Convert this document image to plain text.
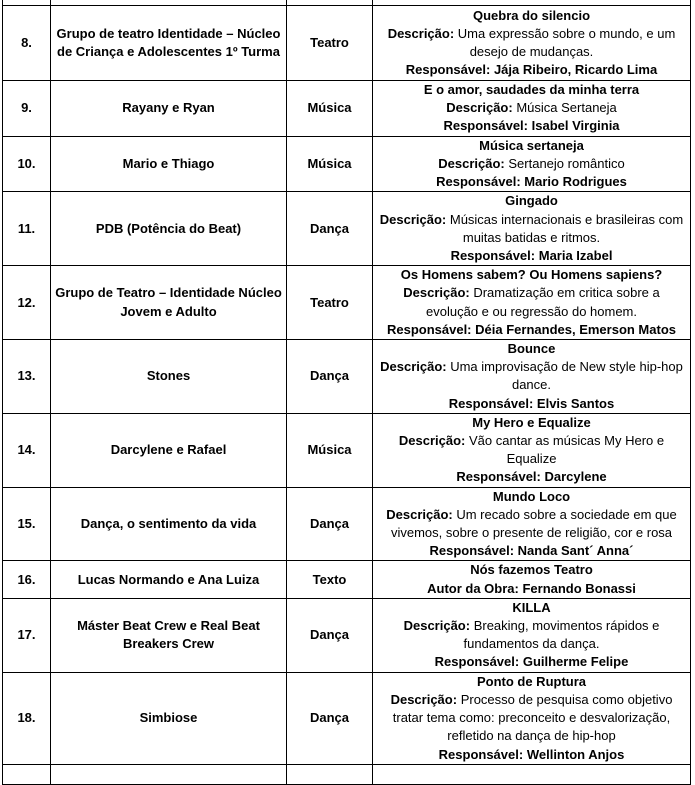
8.	Grupo de teatro Identidade – Núcleo de Criança e Adolescentes 1º Turma	Teatro	Quebra do silencio
Descrição: Uma expressão sobre o mundo, e um desejo de mudanças.
Responsável: Jája Ribeiro, Ricardo Lima

9.	Rayany e Ryan	Música	E o amor, saudades da minha terra
Descrição: Música Sertaneja
Responsável: Isabel Virginia

10.	Mario e Thiago	Música	Música sertaneja
Descrição: Sertanejo romântico
Responsável: Mario Rodrigues

11.	PDB (Potência do Beat)	Dança	Gingado
Descrição: Músicas internacionais e brasileiras com muitas batidas e ritmos.
Responsável: Maria Izabel

12.	Grupo de Teatro – Identidade Núcleo Jovem e Adulto	Teatro	Os Homens sabem? Ou Homens sapiens?
Descrição: Dramatização em critica sobre a evolução e ou regressão do homem.
Responsável: Déia Fernandes, Emerson Matos

13.	Stones	Dança	Bounce
Descrição: Uma improvisação de New style hip-hop dance.
Responsável: Elvis Santos

14.	Darcylene e Rafael	Música	My Hero e Equalize
Descrição: Vão cantar as músicas My Hero e Equalize
Responsável: Darcylene

15.	Dança, o sentimento da vida	Dança	Mundo Loco
Descrição: Um recado sobre a sociedade em que vivemos, sobre o presente de religião, cor e rosa
Responsável: Nanda Sant´ Anna´

16.	Lucas Normando e Ana Luiza	Texto	Nós fazemos Teatro
Autor da Obra: Fernando Bonassi

17.	Máster Beat Crew e Real Beat Breakers Crew	Dança	KILLA
Descrição: Breaking, movimentos rápidos e fundamentos da dança.
Responsável: Guilherme Felipe

18.	Simbiose	Dança	Ponto de Ruptura
Descrição: Processo de pesquisa como objetivo tratar tema como: preconceito e desvalorização, refletido na dança de hip-hop
Responsável: Wellinton Anjos
